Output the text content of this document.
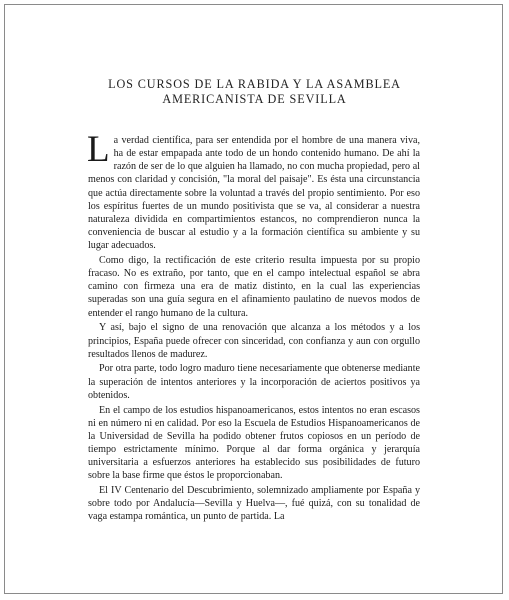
LOS CURSOS DE LA RABIDA Y LA ASAMBLEA
AMERICANISTA DE SEVILLA

La verdad científica, para ser entendida por el hombre de una manera viva, ha de estar empapada ante todo de un hondo contenido humano. De ahí la razón de ser de lo que alguien ha llamado, no con mucha propiedad, pero al menos con claridad y concisión, "la moral del paisaje". Es ésta una circunstancia que actúa directamente sobre la voluntad a través del propio sentimiento. Por eso los espíritus fuertes de un mundo positivista que se va, al considerar a nuestra naturaleza dividida en compartimientos estancos, no comprendieron nunca la conveniencia de buscar al estudio y a la formación científica su ambiente y su lugar adecuados.

Como digo, la rectificación de este criterio resulta impuesta por su propio fracaso. No es extraño, por tanto, que en el campo intelectual español se abra camino con firmeza una era de matiz distinto, en la cual las experiencias superadas son una guía segura en el afinamiento paulatino de nuevos modos de entender el rango humano de la cultura.

Y así, bajo el signo de una renovación que alcanza a los métodos y a los principios, España puede ofrecer con sinceridad, con confianza y aun con orgullo resultados llenos de madurez.

Por otra parte, todo logro maduro tiene necesariamente que obtenerse mediante la superación de intentos anteriores y la incorporación de aciertos positivos ya obtenidos.

En el campo de los estudios hispanoamericanos, estos intentos no eran escasos ni en número ni en calidad. Por eso la Escuela de Estudios Hispanoamericanos de la Universidad de Sevilla ha podido obtener frutos copiosos en un período de tiempo estrictamente mínimo. Porque al dar forma orgánica y jerarquía universitaria a esfuerzos anteriores ha establecido sus posibilidades de futuro sobre la base firme que éstos le proporcionaban.

El IV Centenario del Descubrimiento, solemnizado ampliamente por España y sobre todo por Andalucía—Sevilla y Huelva—, fué quizá, con su tonalidad de vaga estampa romántica, un punto de partida. La
